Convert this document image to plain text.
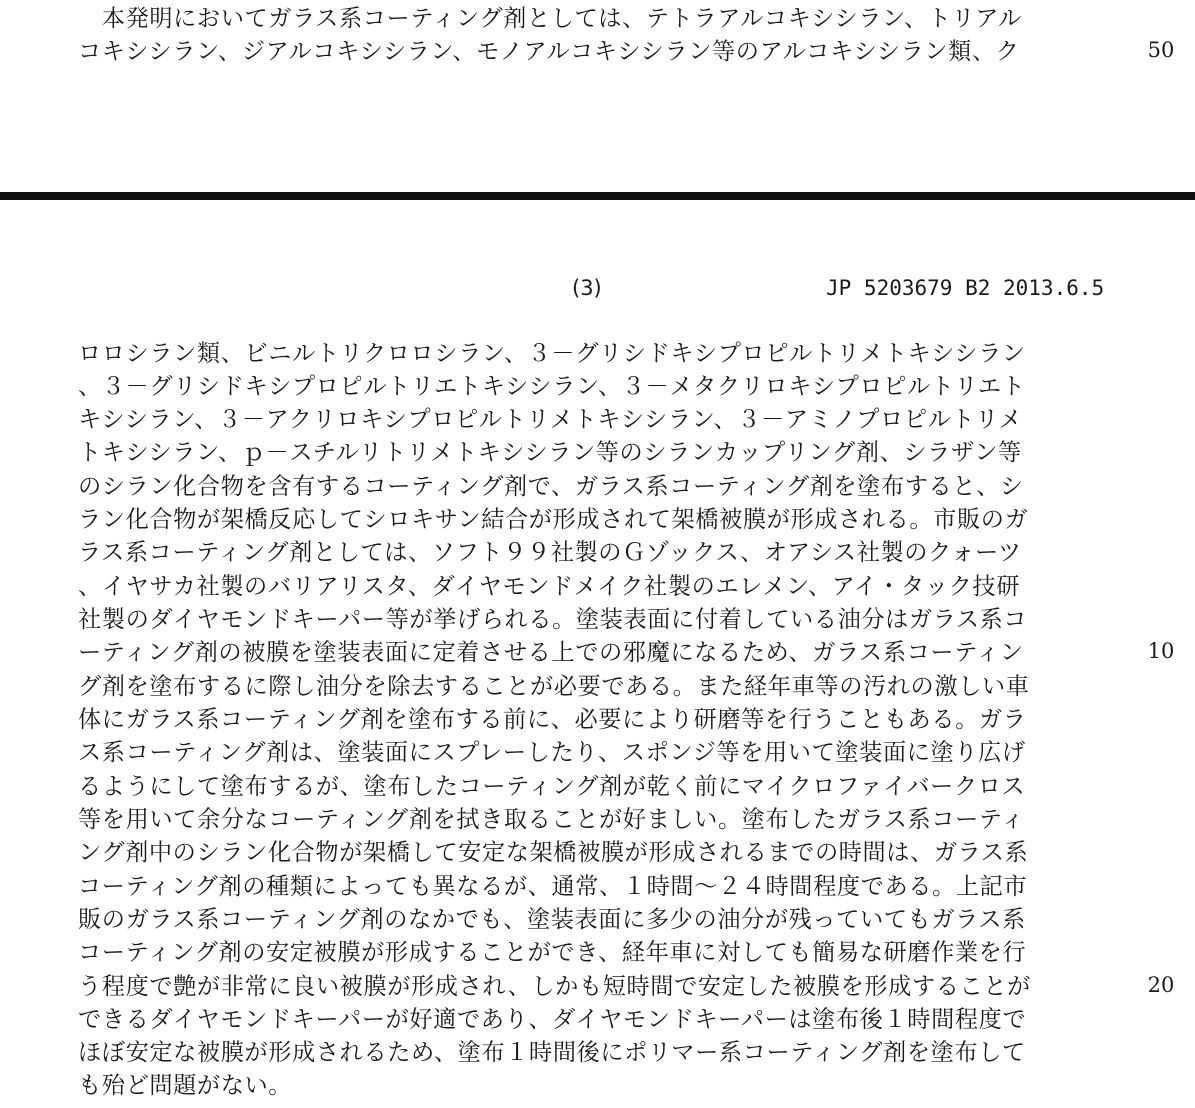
　本発明においてガラス系コーティング剤としては、テトラアルコキシシラン、トリアル
コキシシラン、ジアルコキシシラン、モノアルコキシシラン等のアルコキシシラン類、ク	50
(3)	JP 5203679 B2 2013.6.5
ロロシラン類、ビニルトリクロロシラン、３－グリシドキシプロピルトリメトキシシラン
、３－グリシドキシプロピルトリエトキシシラン、３－メタクリロキシプロピルトリエト
キシシラン、３－アクリロキシプロピルトリメトキシシラン、３－アミノプロピルトリメ
トキシシラン、ｐ－スチルリトリメトキシシラン等のシランカップリング剤、シラザン等
のシラン化合物を含有するコーティング剤で、ガラス系コーティング剤を塗布すると、シ
ラン化合物が架橋反応してシロキサン結合が形成されて架橋被膜が形成される。市販のガ
ラス系コーティング剤としては、ソフト９９社製のＧゾックス、オアシス社製のクォーツ
、イヤサカ社製のバリアリスタ、ダイヤモンドメイク社製のエレメン、アイ・タック技研
社製のダイヤモンドキーパー等が挙げられる。塗装表面に付着している油分はガラス系コ
ーティング剤の被膜を塗装表面に定着させる上での邪魔になるため、ガラス系コーティン
グ剤を塗布するに際し油分を除去することが必要である。また経年車等の汚れの激しい車
体にガラス系コーティング剤を塗布する前に、必要により研磨等を行うこともある。ガラ
ス系コーティング剤は、塗装面にスプレーしたり、スポンジ等を用いて塗装面に塗り広げ
るようにして塗布するが、塗布したコーティング剤が乾く前にマイクロファイバークロス
等を用いて余分なコーティング剤を拭き取ることが好ましい。塗布したガラス系コーティ
ング剤中のシラン化合物が架橋して安定な架橋被膜が形成されるまでの時間は、ガラス系
コーティング剤の種類によっても異なるが、通常、１時間～２４時間程度である。上記市
販のガラス系コーティング剤のなかでも、塗装表面に多少の油分が残っていてもガラス系
コーティング剤の安定被膜が形成することができ、経年車に対しても簡易な研磨作業を行
う程度で艶が非常に良い被膜が形成され、しかも短時間で安定した被膜を形成することが
できるダイヤモンドキーパーが好適であり、ダイヤモンドキーパーは塗布後１時間程度で
ほぼ安定な被膜が形成されるため、塗布１時間後にポリマー系コーティング剤を塗布して
も殆ど問題がない。
10
20
